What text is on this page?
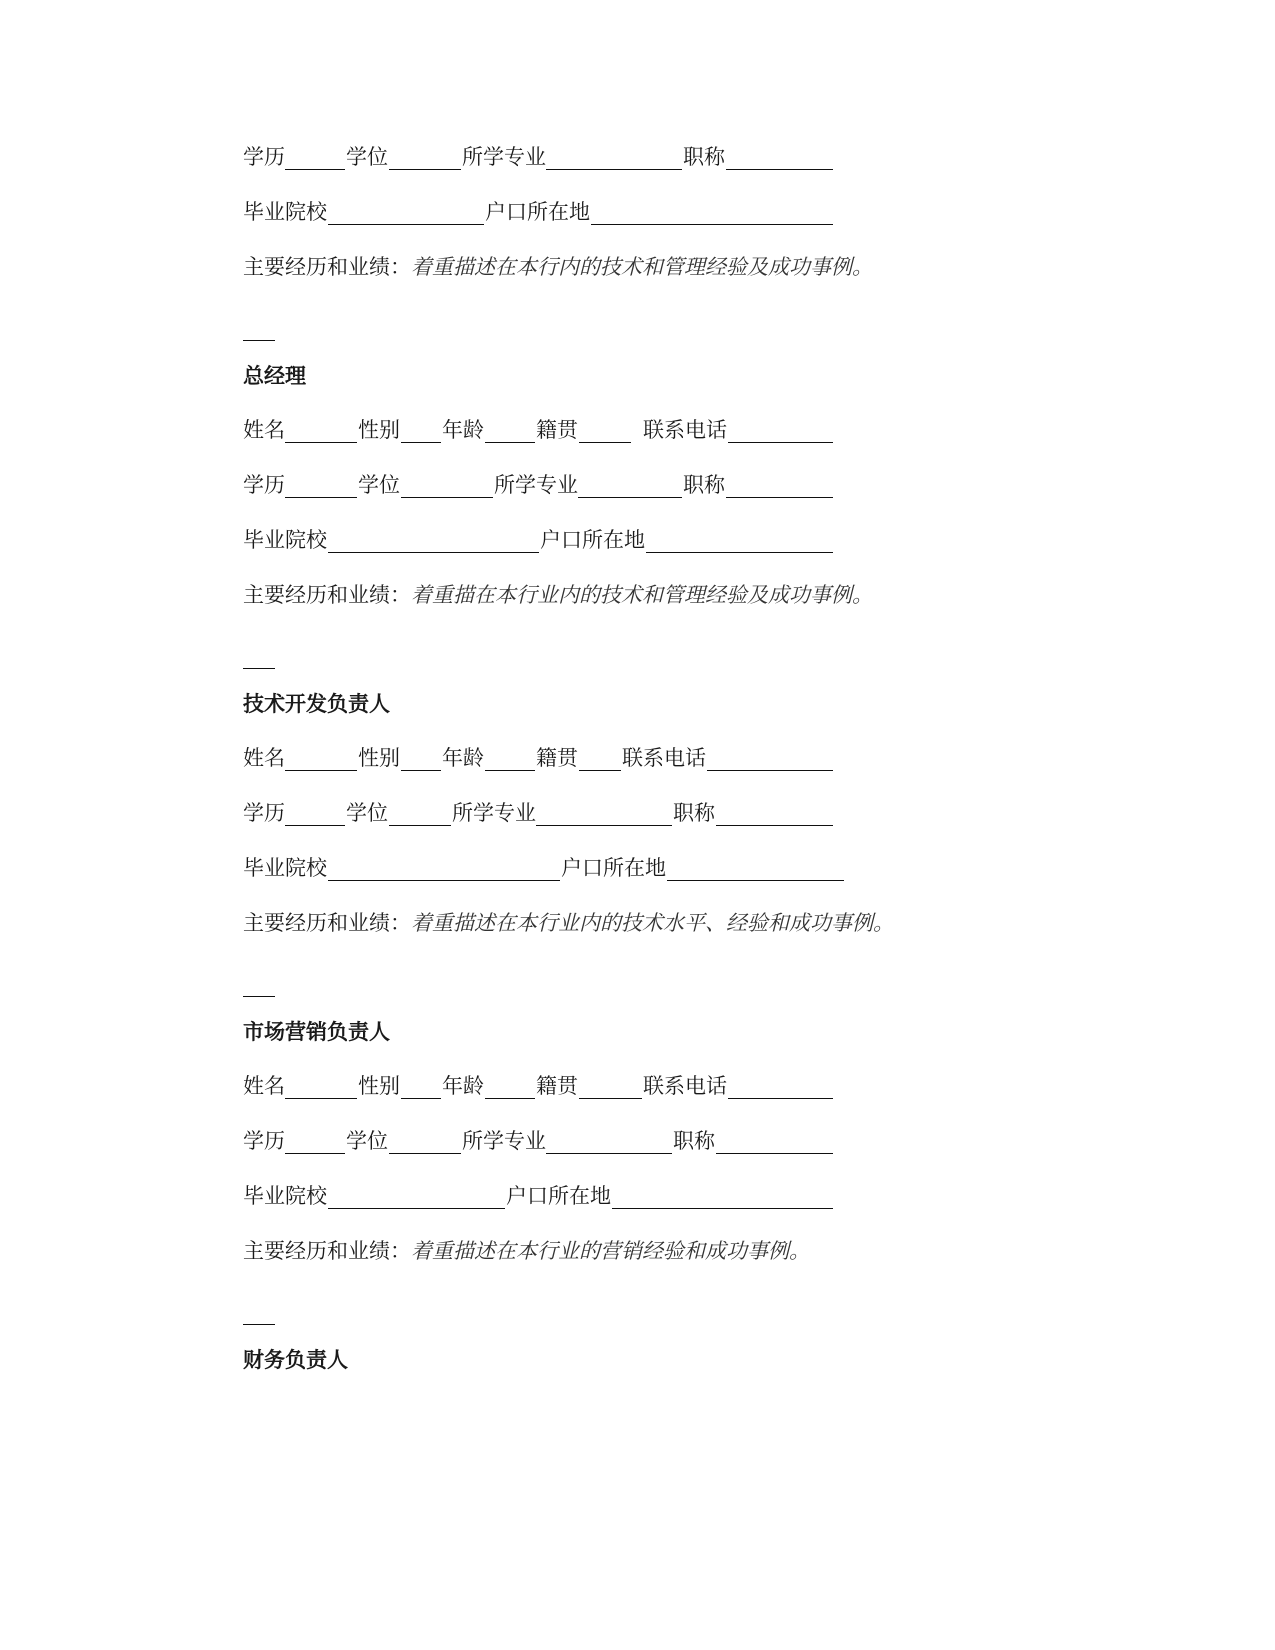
学历	学位	所学专业	职称
毕业院校	户口所在地
主要经历和业绩：着重描述在本行内的技术和管理经验及成功事例。
总经理
姓名	性别 年龄 籍贯	联系电话
学历	学位	所学专业	职称
毕业院校	户口所在地
主要经历和业绩：着重描在本行业内的技术和管理经验及成功事例。
技术开发负责人
姓名	性别 年龄 籍贯 联系电话
学历	学位	所学专业	职称
毕业院校	户口所在地
主要经历和业绩：着重描述在本行业内的技术水平、经验和成功事例。
市场营销负责人
姓名	性别 年龄 籍贯	联系电话
学历	学位	所学专业	职称
毕业院校	户口所在地
主要经历和业绩：着重描述在本行业的营销经验和成功事例。
财务负责人
